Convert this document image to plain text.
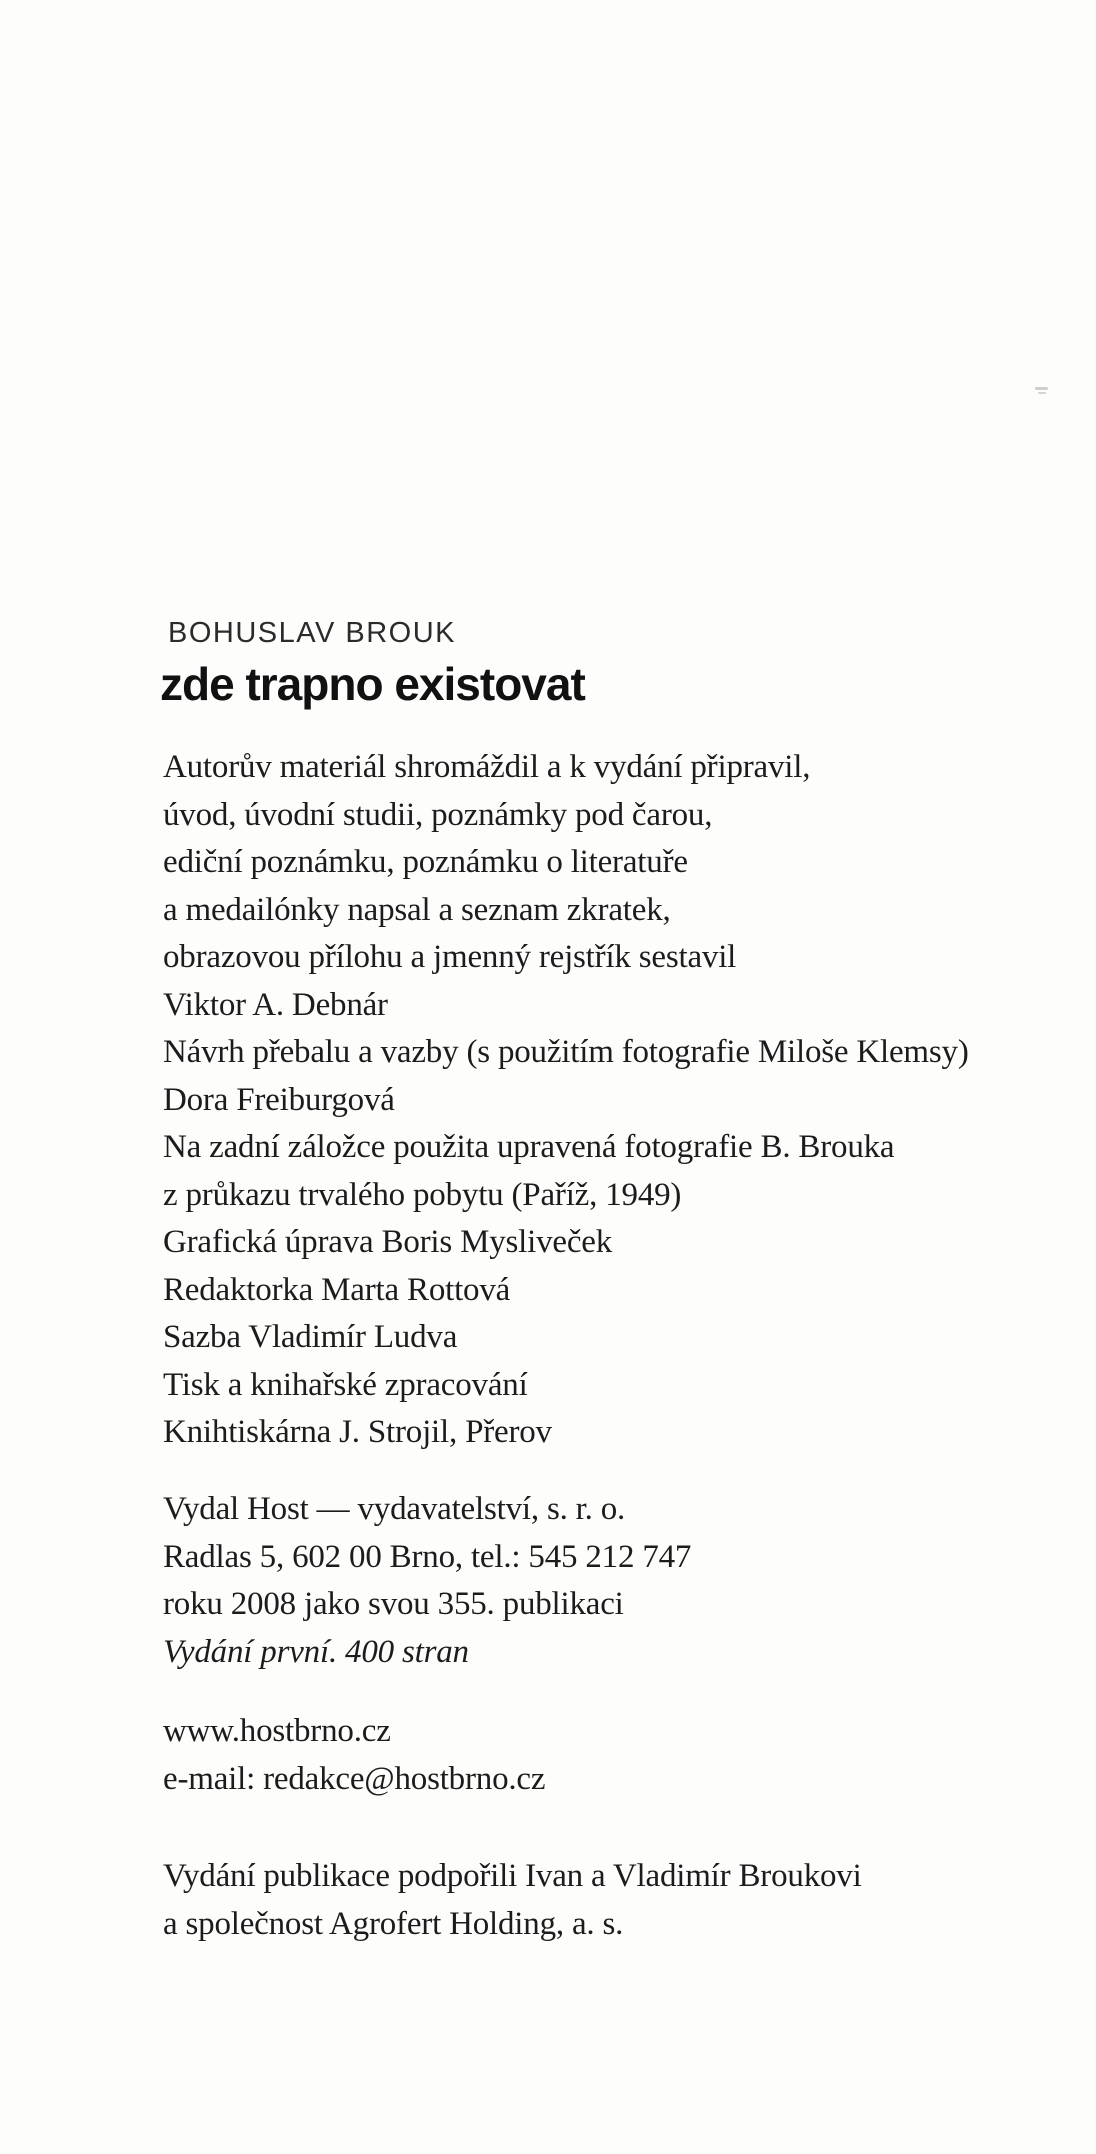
BOHUSLAV BROUK
zde trapno existovat
Autorův materiál shromáždil a k vydání připravil,
úvod, úvodní studii, poznámky pod čarou,
ediční poznámku, poznámku o literatuře
a medailónky napsal a seznam zkratek,
obrazovou přílohu a jmenný rejstřík sestavil
Viktor A. Debnár
Návrh přebalu a vazby (s použitím fotografie Miloše Klemsy)
Dora Freiburgová
Na zadní záložce použita upravená fotografie B. Brouka
z průkazu trvalého pobytu (Paříž, 1949)
Grafická úprava Boris Mysliveček
Redaktorka Marta Rottová
Sazba Vladimír Ludva
Tisk a knihařské zpracování
Knihtiskárna J. Strojil, Přerov
Vydal Host — vydavatelství, s. r. o.
Radlas 5, 602 00 Brno, tel.: 545 212 747
roku 2008 jako svou 355. publikaci
Vydání první. 400 stran
www.hostbrno.cz
e-mail: redakce@hostbrno.cz
Vydání publikace podpořili Ivan a Vladimír Broukovi
a společnost Agrofert Holding, a. s.
